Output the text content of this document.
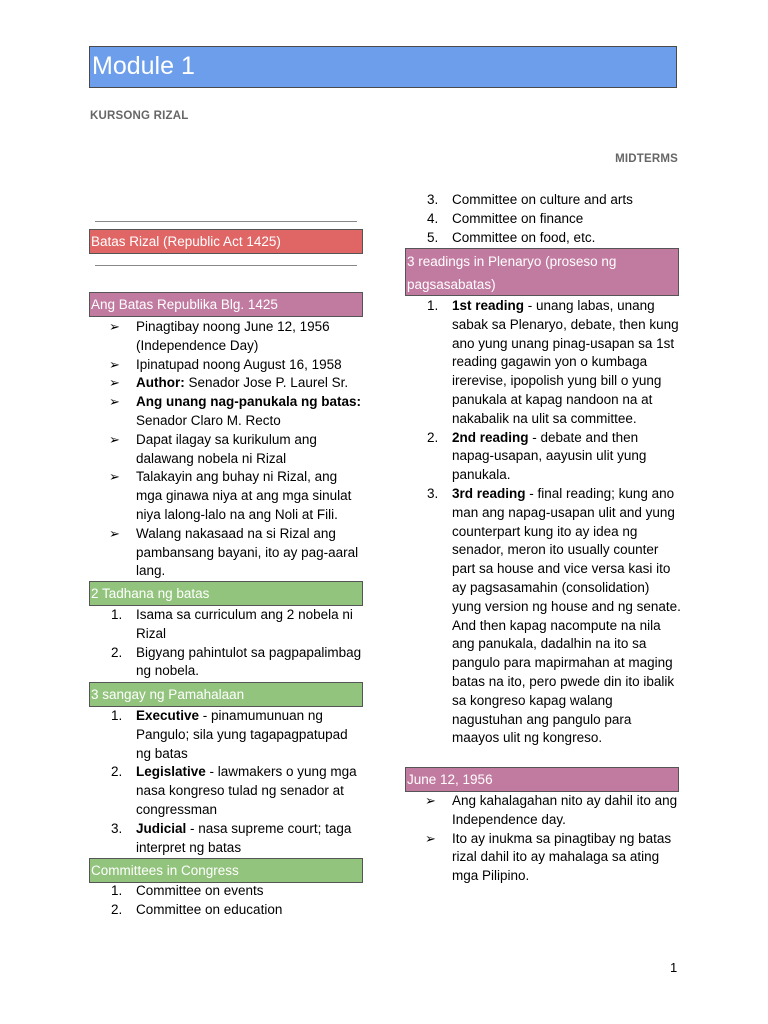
Module 1
KURSONG RIZAL
MIDTERMS
Batas Rizal (Republic Act 1425)
Ang Batas Republika Blg. 1425
➢	Pinagtibay noong June 12, 1956 (Independence Day)
➢	Ipinatupad noong August 16, 1958
➢	Author: Senador Jose P. Laurel Sr.
➢	Ang unang nag-panukala ng batas: Senador Claro M. Recto
➢	Dapat ilagay sa kurikulum ang dalawang nobela ni Rizal
➢	Talakayin ang buhay ni Rizal, ang mga ginawa niya at ang mga sinulat niya lalong-lalo na ang Noli at Fili.
➢	Walang nakasaad na si Rizal ang pambansang bayani, ito ay pag-aaral lang.
2 Tadhana ng batas
1.	Isama sa curriculum ang 2 nobela ni Rizal
2.	Bigyang pahintulot sa pagpapalimbag ng nobela.
3 sangay ng Pamahalaan
1.	Executive - pinamumunuan ng Pangulo; sila yung tagapagpatupad ng batas
2.	Legislative - lawmakers o yung mga nasa kongreso tulad ng senador at congressman
3.	Judicial - nasa supreme court; taga interpret ng batas
Committees in Congress
1.	Committee on events
2.	Committee on education
3.	Committee on culture and arts
4.	Committee on finance
5.	Committee on food, etc.
3 readings in Plenaryo (proseso ng pagsasabatas)
1.	1st reading - unang labas, unang sabak sa Plenaryo, debate, then kung ano yung unang pinag-usapan sa 1st reading gagawin yon o kumbaga irerevise, ipopolish yung bill o yung panukala at kapag nandoon na at nakabalik na ulit sa committee.
2.	2nd reading - debate and then napag-usapan, aayusin ulit yung panukala.
3.	3rd reading - final reading; kung ano man ang napag-usapan ulit and yung counterpart kung ito ay idea ng senador, meron ito usually counter part sa house and vice versa kasi ito ay pagsasamahin (consolidation) yung version ng house and ng senate. And then kapag nacompute na nila ang panukala, dadalhin na ito sa pangulo para mapirmahan at maging batas na ito, pero pwede din ito ibalik sa kongreso kapag walang nagustuhan ang pangulo para maayos ulit ng kongreso.
June 12, 1956
➢	Ang kahalagahan nito ay dahil ito ang Independence day.
➢	Ito ay inukma sa pinagtibay ng batas rizal dahil ito ay mahalaga sa ating mga Pilipino.
1
